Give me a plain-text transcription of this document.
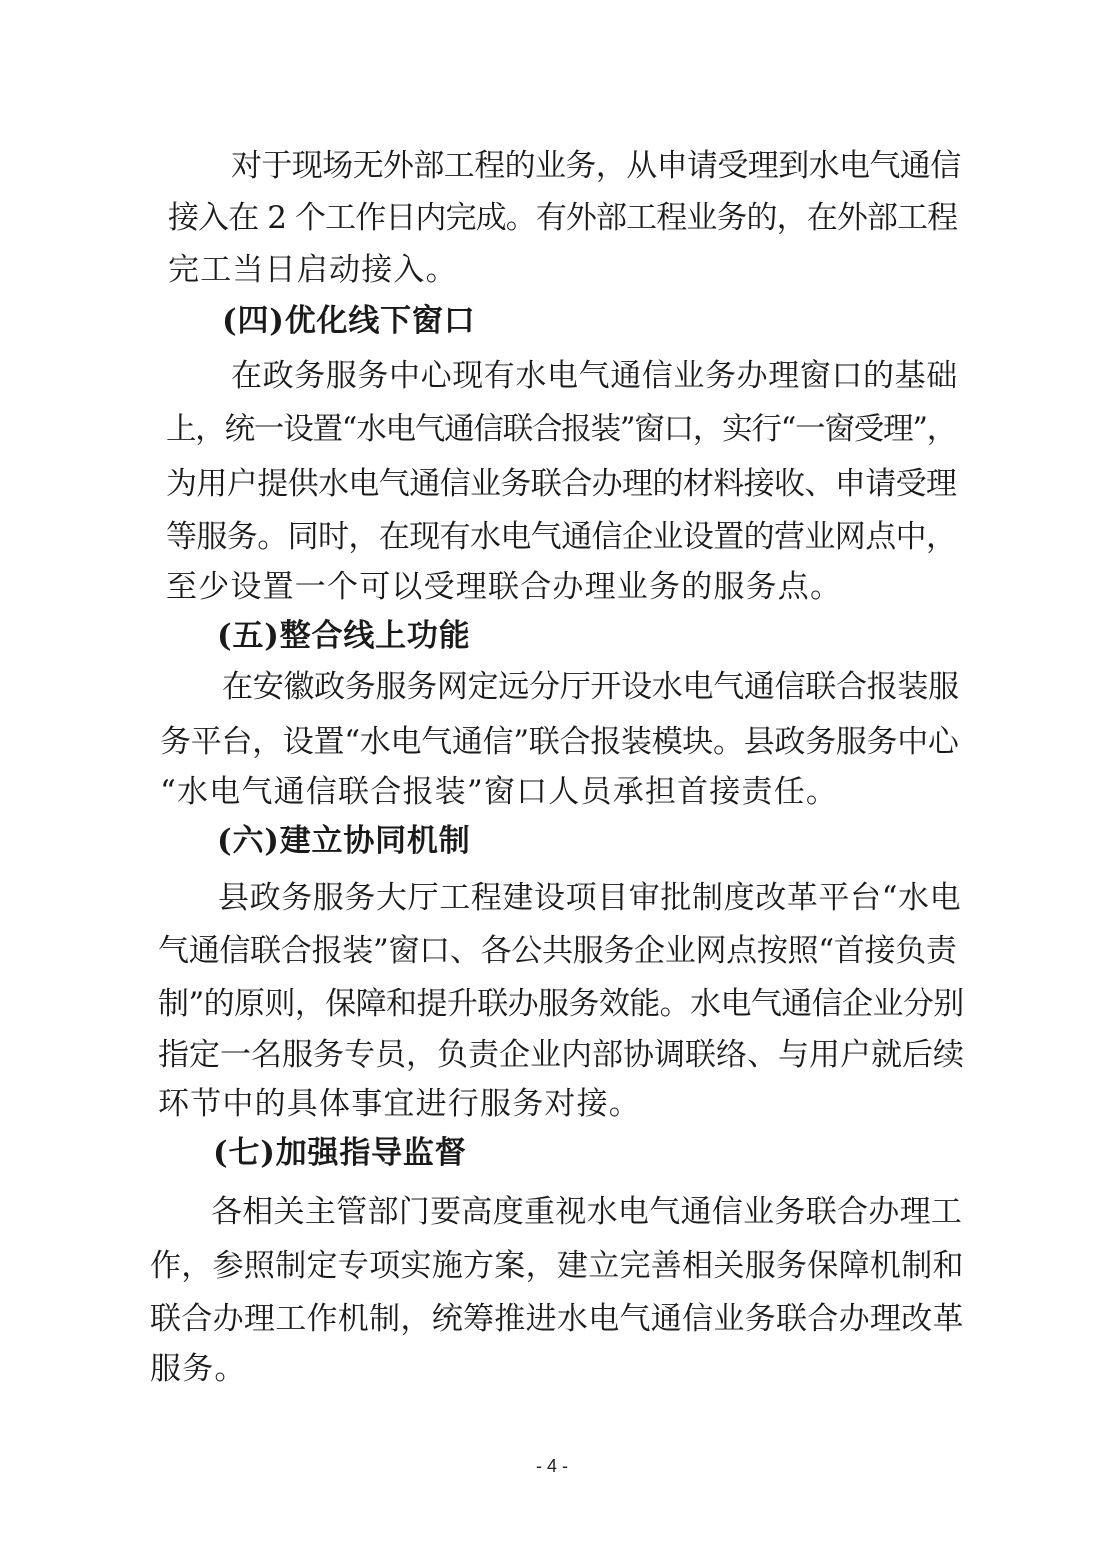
对于现场无外部工程的业务，从申请受理到水电气通信
接入在 2 个工作日内完成。有外部工程业务的，在外部工程
完工当日启动接入。
(四)优化线下窗口
在政务服务中心现有水电气通信业务办理窗口的基础
上，统一设置“水电气通信联合报装”窗口，实行“一窗受理”，
为用户提供水电气通信业务联合办理的材料接收、申请受理
等服务。同时，在现有水电气通信企业设置的营业网点中，
至少设置一个可以受理联合办理业务的服务点。
(五)整合线上功能
在安徽政务服务网定远分厅开设水电气通信联合报装服
务平台，设置“水电气通信”联合报装模块。县政务服务中心
“水电气通信联合报装”窗口人员承担首接责任。
(六)建立协同机制
县政务服务大厅工程建设项目审批制度改革平台“水电
气通信联合报装”窗口、各公共服务企业网点按照“首接负责
制”的原则，保障和提升联办服务效能。水电气通信企业分别
指定一名服务专员，负责企业内部协调联络、与用户就后续
环节中的具体事宜进行服务对接。
(七)加强指导监督
各相关主管部门要高度重视水电气通信业务联合办理工
作，参照制定专项实施方案，建立完善相关服务保障机制和
联合办理工作机制，统筹推进水电气通信业务联合办理改革
服务。
- 4 -
